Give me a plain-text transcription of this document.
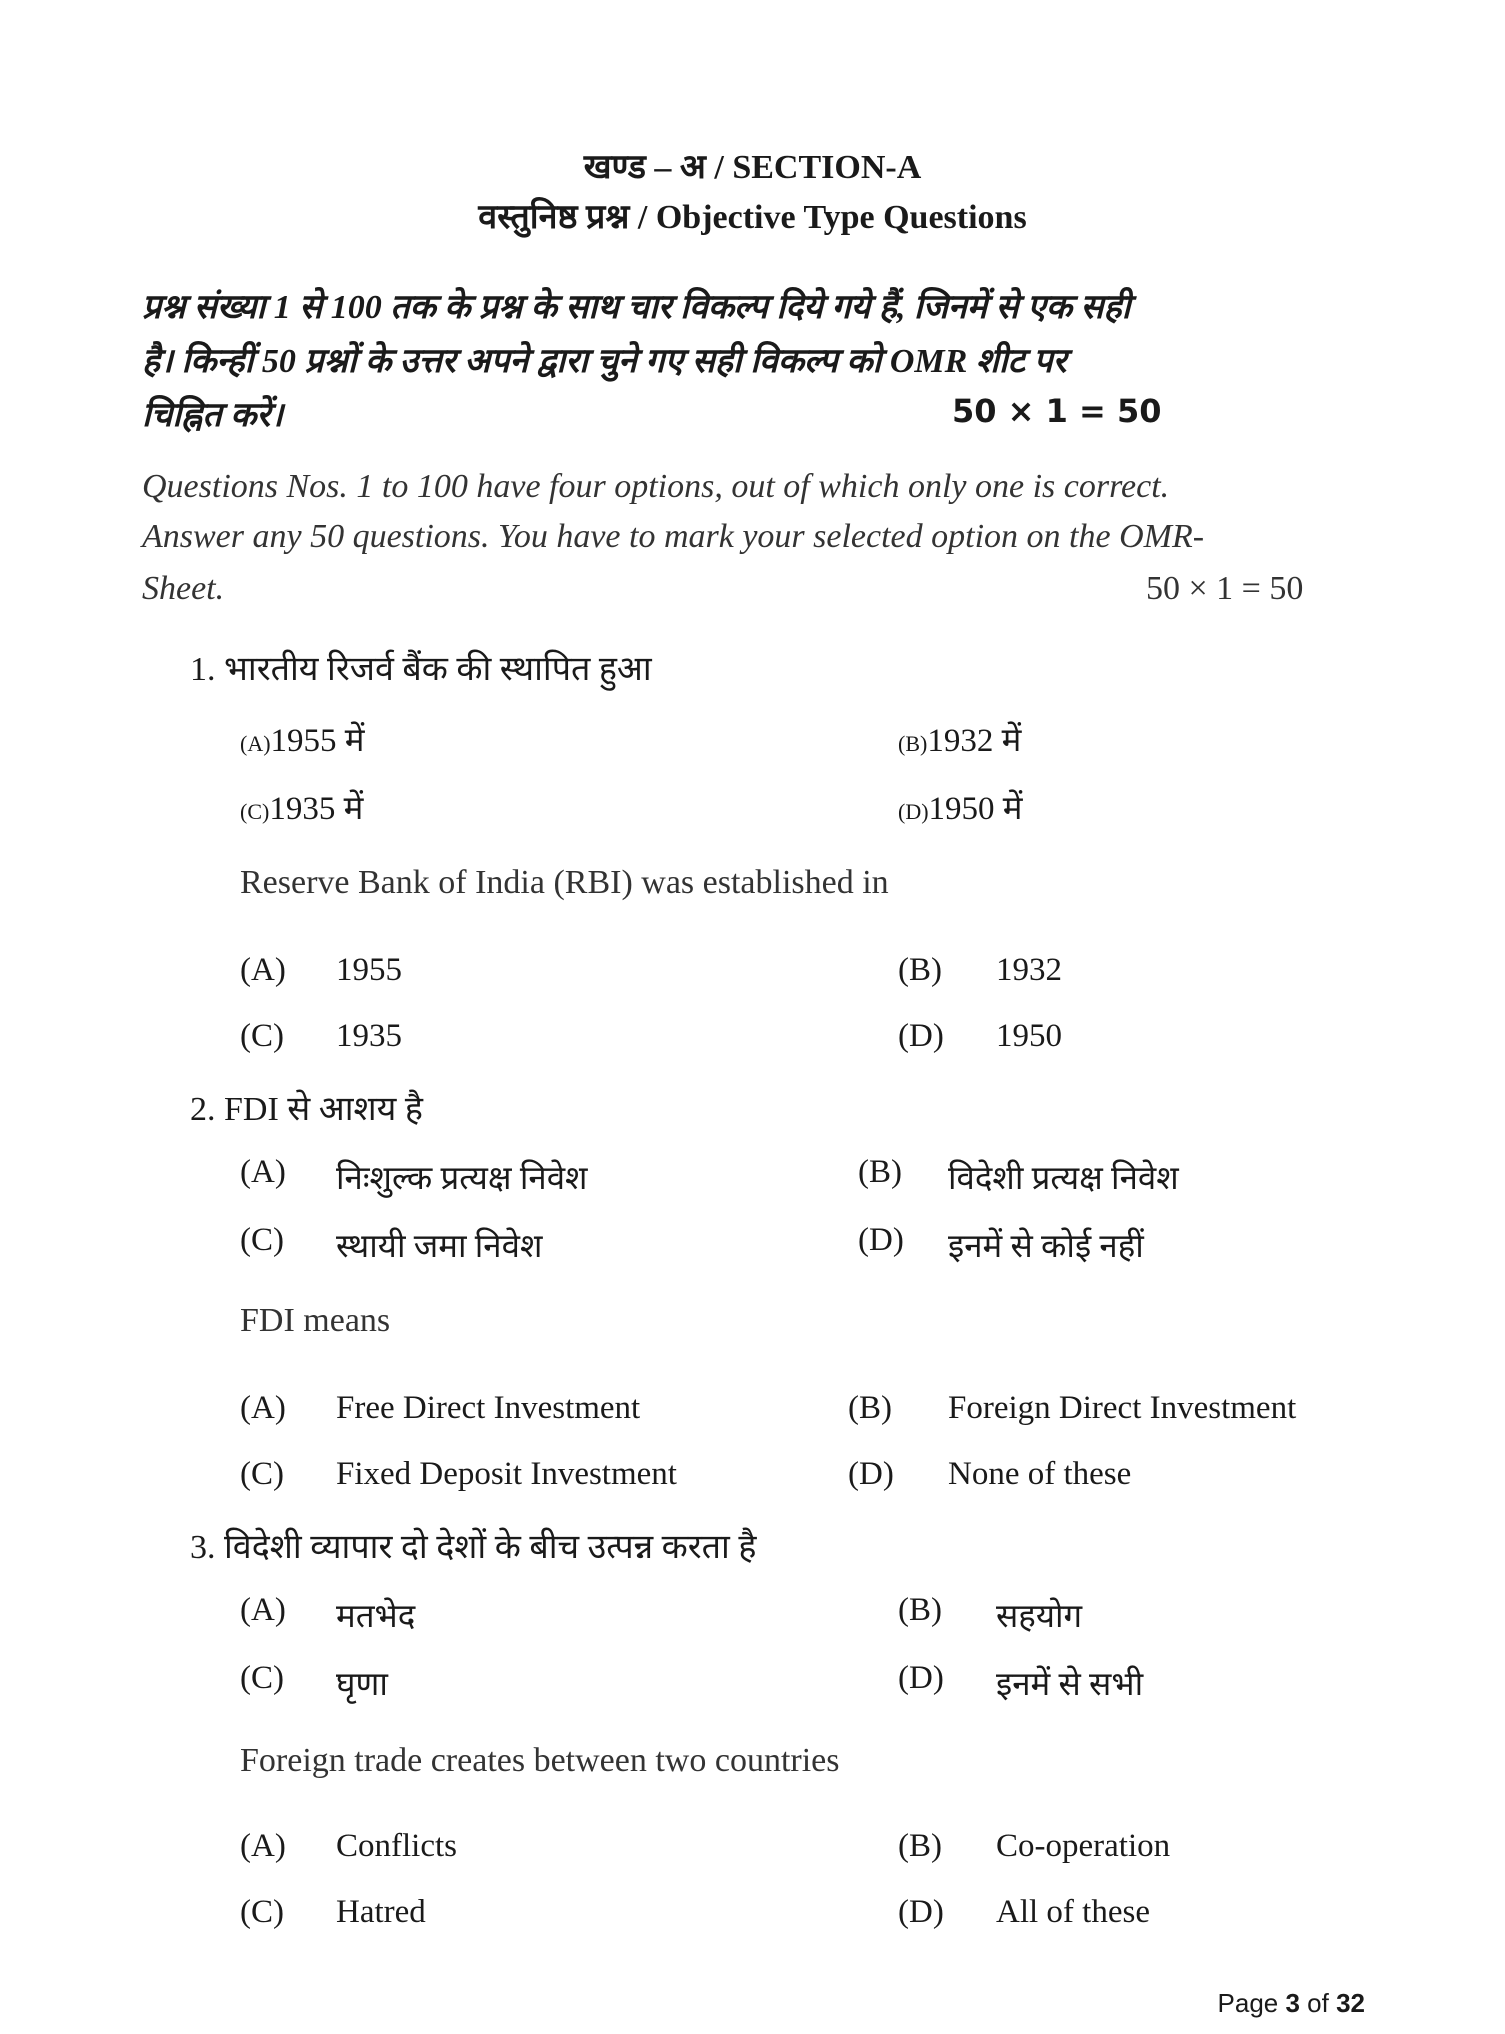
खण्ड – अ / SECTION-A
वस्तुनिष्ठ प्रश्न / Objective Type Questions
प्रश्न संख्या 1 से 100 तक के प्रश्न के साथ चार विकल्प दिये गये हैं, जिनमें से एक सही
है। किन्हीं 50 प्रश्नों के उत्तर अपने द्वारा चुने गए सही विकल्प को OMR शीट पर
चिह्नित करें।	50 × 1 = 50
Questions Nos. 1 to 100 have four options, out of which only one is correct.
Answer any 50 questions. You have to mark your selected option on the OMR-
Sheet.	50 × 1 = 50
1. भारतीय रिजर्व बैंक की स्थापित हुआ
(A)1955 में	(B)1932 में
(C)1935 में	(D)1950 में
Reserve Bank of India (RBI) was established in
(A) 1955	(B) 1932
(C) 1935	(D) 1950
2. FDI से आशय है
(A) निःशुल्क प्रत्यक्ष निवेश	(B) विदेशी प्रत्यक्ष निवेश
(C) स्थायी जमा निवेश	(D) इनमें से कोई नहीं
FDI means
(A) Free Direct Investment	(B) Foreign Direct Investment
(C) Fixed Deposit Investment	(D) None of these
3. विदेशी व्यापार दो देशों के बीच उत्पन्न करता है
(A) मतभेद	(B) सहयोग
(C) घृणा	(D) इनमें से सभी
Foreign trade creates between two countries
(A) Conflicts	(B) Co-operation
(C) Hatred	(D) All of these
Page 3 of 32
